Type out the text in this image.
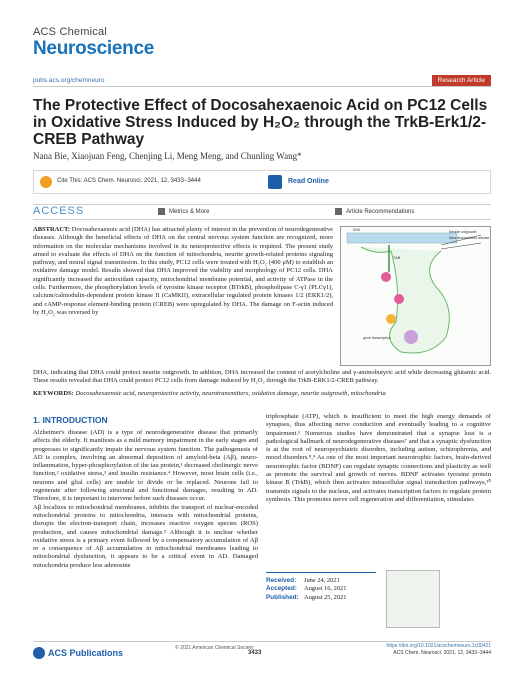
ACS Chemical
Neuroscience
pubs.acs.org/chemneuro	Research Article
The Protective Effect of Docosahexaenoic Acid on PC12 Cells in Oxidative Stress Induced by H₂O₂ through the TrkB-Erk1/2-CREB Pathway
Nana Bie, Xiaojuan Feng, Chenjing Li, Meng Meng, and Chunling Wang*
Cite This: ACS Chem. Neurosci. 2021, 12, 3433−3444	Read Online
ACCESS	Metrics & More	Article Recommendations
ABSTRACT: Docosahexaenoic acid (DHA) has attracted plenty of interest in the prevention of neurodegenerative diseases. Although the beneficial effects of DHA on the central nervous system function are recognized, more information on the molecular mechanisms involved in its neuroprotective effects is required. The present study aimed to evaluate the effects of DHA on the function of mitochondria, neurite growth-related proteins signaling pathway, and neural signal transmission. In this study, PC12 cells were treated with H₂O₂ (400 μM) to establish an oxidative damage model. Results showed that DHA improved the viability and morphology of PC12 cells. DHA significantly increased the antioxidant capacity, mitochondrial membrane potential, and activity of ATPase in the cells. Furthermore, the phosphorylation levels of tyrosine kinase receptor (BTrkB), phospholipase C-γ1 (PLCγ1), calcium/calmodulin-dependent protein kinase II (CaMKII), extracellular regulated protein kinases 1/2 (ERK1/2), and cAMP-response element-binding protein (CREB) were upregulated by DHA. The damage on F-actin induced by H₂O₂ was reversed by
DHA	Neurite outgrowth
Neurotransmitters release
TrkB
gene transcription
DHA, indicating that DHA could protect neurite outgrowth. In addition, DHA increased the content of acetylcholine and γ-aminobutyric acid while decreasing glutamic acid. These results revealed that DHA could protect PC12 cells from damage induced by H₂O₂ through the TrkB-ERK1/2-CREB pathway.
KEYWORDS: Docosahexaenoic acid, neuroprotective activity, neurotransmitters, oxidative damage, neurite outgrowth, mitochondria
1. INTRODUCTION
Alzheimer's disease (AD) is a type of neurodegenerative disease that primarily affects the elderly. It manifests as a mild memory impairment in the early stages and progresses to significantly impair the nervous system function. The pathogenesis of AD is complex, involving an abnormal deposition of amyloid-beta (Aβ), neuro-inflammation, hyper-phosphorylation of the tau protein,¹ decreased cholinergic nerve function,² oxidative stress,³ and insulin resistance.⁴ However, most brain cells (i.e., neurons and glial cells) are unable to divide or be replaced. Neurons fail to regenerate after following structural and functional damages, resulting in AD. Therefore, it is important to intervene before such diseases occur.
Aβ localizes to mitochondrial membranes, inhibits the transport of nuclear-encoded mitochondrial proteins to mitochondria, interacts with mitochondrial proteins, disrupts the electron-transport chain, increases reactive oxygen species (ROS) production, and causes mitochondrial damage.⁵ Although it is unclear whether oxidative stress is a primary event followed by a compensatory accumulation of Aβ or a consequence of Aβ accumulation in mitochondrial membranes leading to mitochondrial dysfunction, it appears to be a critical event in AD. Damaged mitochondria produce less adenosine
triphosphate (ATP), which is insufficient to meet the high energy demands of synapses, thus affecting nerve conduction and eventually leading to a cognitive impairment.⁶ Numerous studies have demonstrated that a synapse loss is a pathological hallmark of neurodegenerative diseases⁷ and that a synaptic dysfunction is at the root of neuropsychiatric disorders, including autism, schizophrenia, and mood disorders.⁸,⁹ As one of the most important neurotrophic factors, brain-derived neurotrophic factor (BDNF) can regulate synaptic connections and plasticity as well as promote the survival and growth of nerves. BDNF activates tyrosine protein kinase B (TrkB), which then activates intracellular signal transduction pathways,¹⁰ transmits signals to the nucleus, and activates transcription factors to regulate protein synthesis. This promotes nerve cell regeneration and differentiation, stimulates
Received: June 24, 2021
Accepted: August 16, 2021
Published: August 25, 2021
ACS Publications	© 2021 American Chemical Society
3433
https://doi.org/10.1021/acschemneuro.1c00421
ACS Chem. Neurosci. 2021, 12, 3433−3444
